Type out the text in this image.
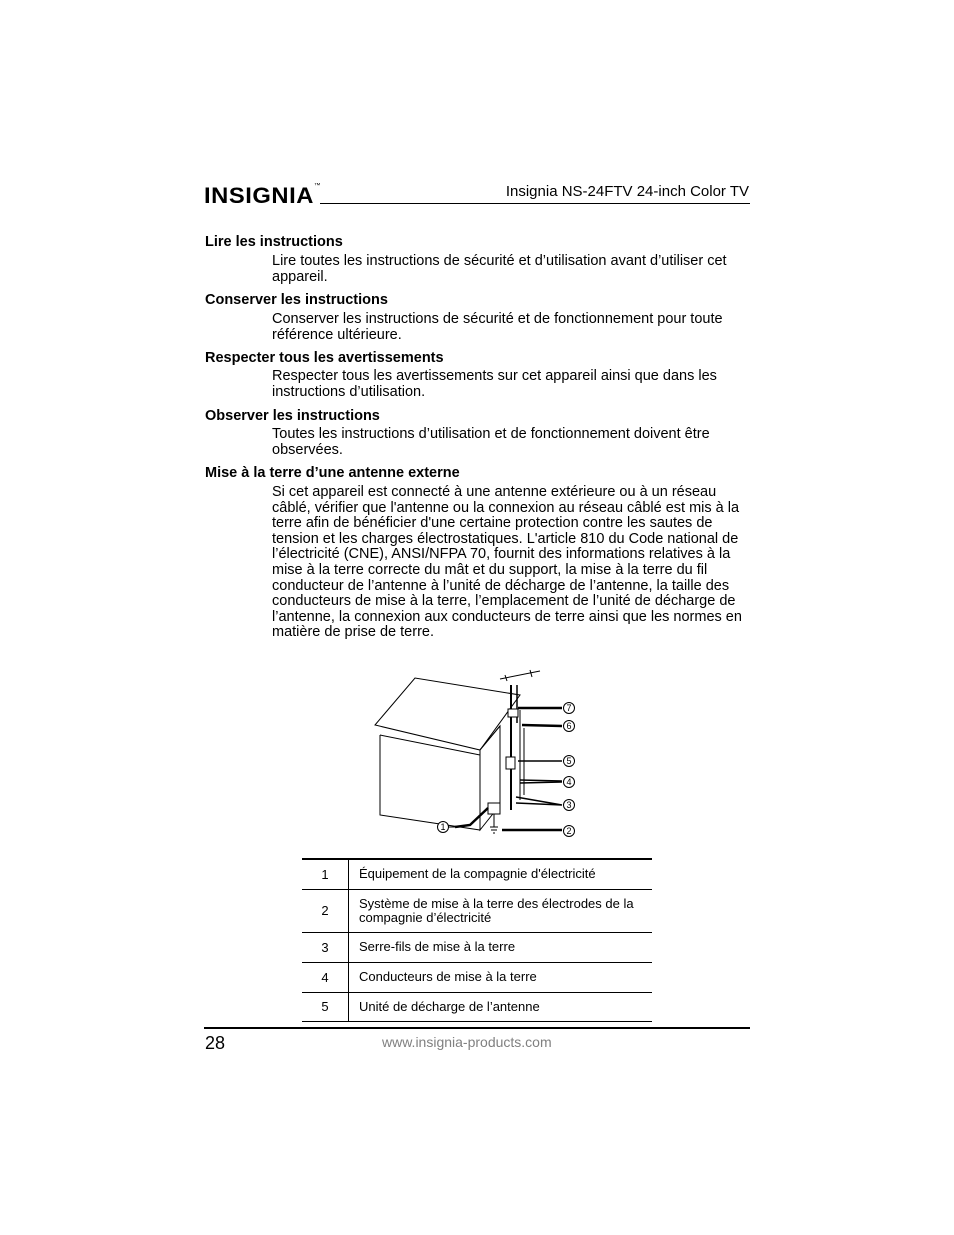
INSIGNIA™	Insignia NS-24FTV 24-inch Color TV
Lire les instructions
Lire toutes les instructions de sécurité et d’utilisation avant d’utiliser cet appareil.
Conserver les instructions
Conserver les instructions de sécurité et de fonctionnement pour toute référence ultérieure.
Respecter tous les avertissements
Respecter tous les avertissements sur cet appareil ainsi que dans les instructions d’utilisation.
Observer les instructions
Toutes les instructions d’utilisation et de fonctionnement doivent être observées.
Mise à la terre d’une antenne externe
Si cet appareil est connecté à une antenne extérieure ou à un réseau câblé, vérifier que l'antenne ou la connexion au réseau câblé est mis à la terre afin de bénéficier d'une certaine protection contre les sautes de tension et les charges électrostatiques. L'article 810 du Code national de l’électricité (CNE), ANSI/NFPA 70, fournit des informations relatives à la mise à la terre correcte du mât et du support, la mise à la terre du fil conducteur de l’antenne à l’unité de décharge de l’antenne, la taille des conducteurs de mise à la terre, l’emplacement de l’unité de décharge de l’antenne, la connexion aux conducteurs de terre ainsi que les normes en matière de prise de terre.
7
6
5
4
3
2
1
1	Équipement de la compagnie d'électricité
2	Système de mise à la terre des électrodes de la compagnie d’électricité
3	Serre-fils de mise à la terre
4	Conducteurs de mise à la terre
5	Unité de décharge de l’antenne
28	www.insignia-products.com
